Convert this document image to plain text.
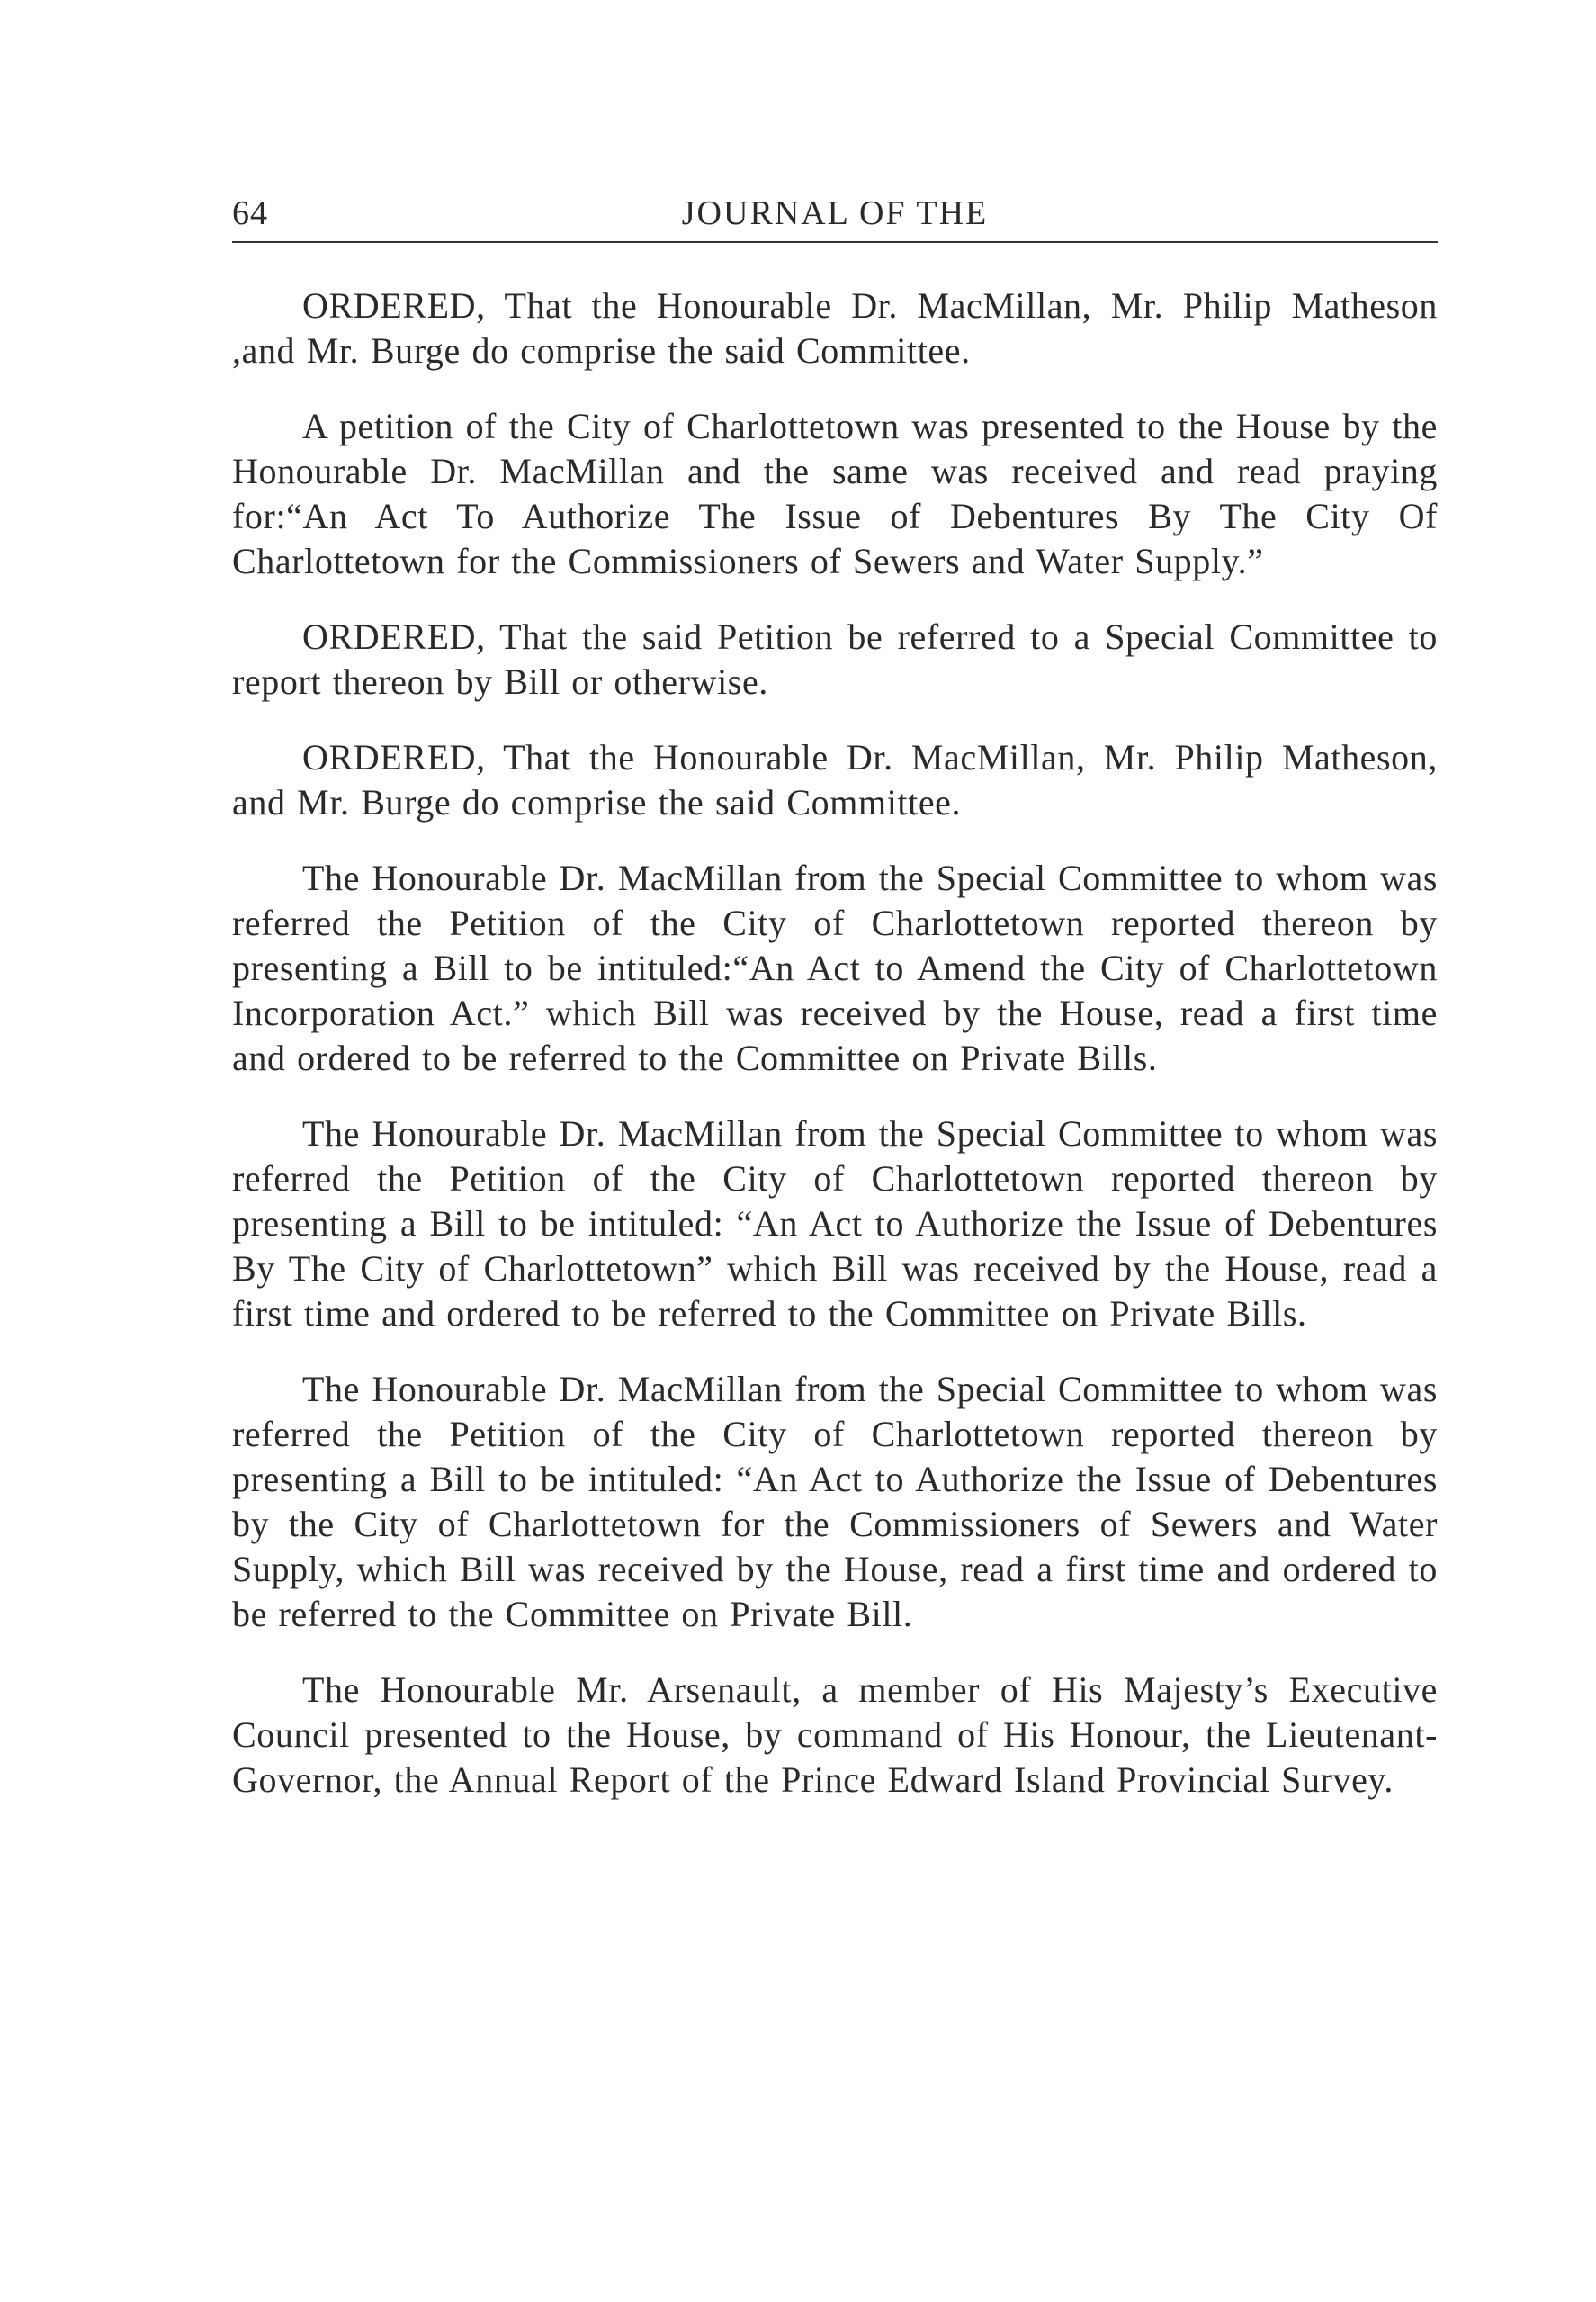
64	JOURNAL OF THE

ORDERED, That the Honourable Dr. MacMillan, Mr. Philip Matheson ,and Mr. Burge do comprise the said Committee.

A petition of the City of Charlottetown was presented to the House by the Honourable Dr. MacMillan and the same was received and read praying for:“An Act To Authorize The Issue of Debentures By The City Of Charlottetown for the Commissioners of Sewers and Water Supply.”

ORDERED, That the said Petition be referred to a Special Committee to report thereon by Bill or otherwise.

ORDERED, That the Honourable Dr. MacMillan, Mr. Philip Matheson, and Mr. Burge do comprise the said Committee.

The Honourable Dr. MacMillan from the Special Committee to whom was referred the Petition of the City of Charlottetown reported thereon by presenting a Bill to be intituled:“An Act to Amend the City of Charlottetown Incorporation Act.” which Bill was received by the House, read a first time and ordered to be referred to the Committee on Private Bills.

The Honourable Dr. MacMillan from the Special Committee to whom was referred the Petition of the City of Charlottetown reported thereon by presenting a Bill to be intituled: “An Act to Authorize the Issue of Debentures By The City of Charlottetown” which Bill was received by the House, read a first time and ordered to be referred to the Committee on Private Bills.

The Honourable Dr. MacMillan from the Special Committee to whom was referred the Petition of the City of Charlottetown reported thereon by presenting a Bill to be intituled: “An Act to Authorize the Issue of Debentures by the City of Charlottetown for the Commissioners of Sewers and Water Supply, which Bill was received by the House, read a first time and ordered to be referred to the Committee on Private Bill.

The Honourable Mr. Arsenault, a member of His Majesty’s Executive Council presented to the House, by command of His Honour, the Lieutenant-Governor, the Annual Report of the Prince Edward Island Provincial Survey.
